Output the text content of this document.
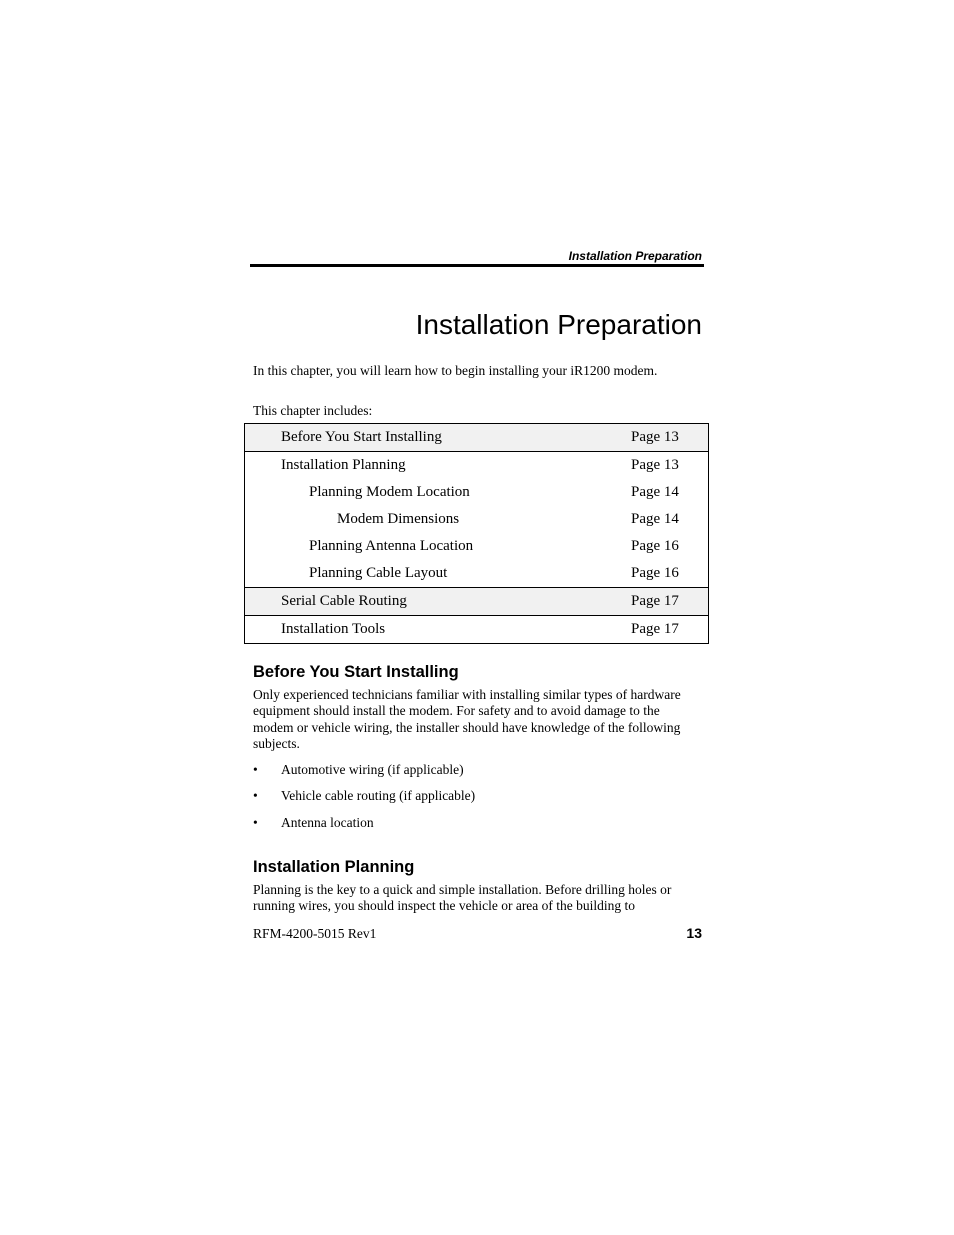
Installation Preparation
Installation Preparation
In this chapter, you will learn how to begin installing your iR1200 modem.
This chapter includes:
Before You Start Installing	Page 13
Installation Planning	Page 13
Planning Modem Location	Page 14
Modem Dimensions	Page 14
Planning Antenna Location	Page 16
Planning Cable Layout	Page 16
Serial Cable Routing	Page 17
Installation Tools	Page 17
Before You Start Installing
Only experienced technicians familiar with installing similar types of hardware
equipment should install the modem. For safety and to avoid damage to the
modem or vehicle wiring, the installer should have knowledge of the following
subjects.
• Automotive wiring (if applicable)
• Vehicle cable routing (if applicable)
• Antenna location
Installation Planning
Planning is the key to a quick and simple installation. Before drilling holes or
running wires, you should inspect the vehicle or area of the building to
RFM-4200-5015 Rev1	13
